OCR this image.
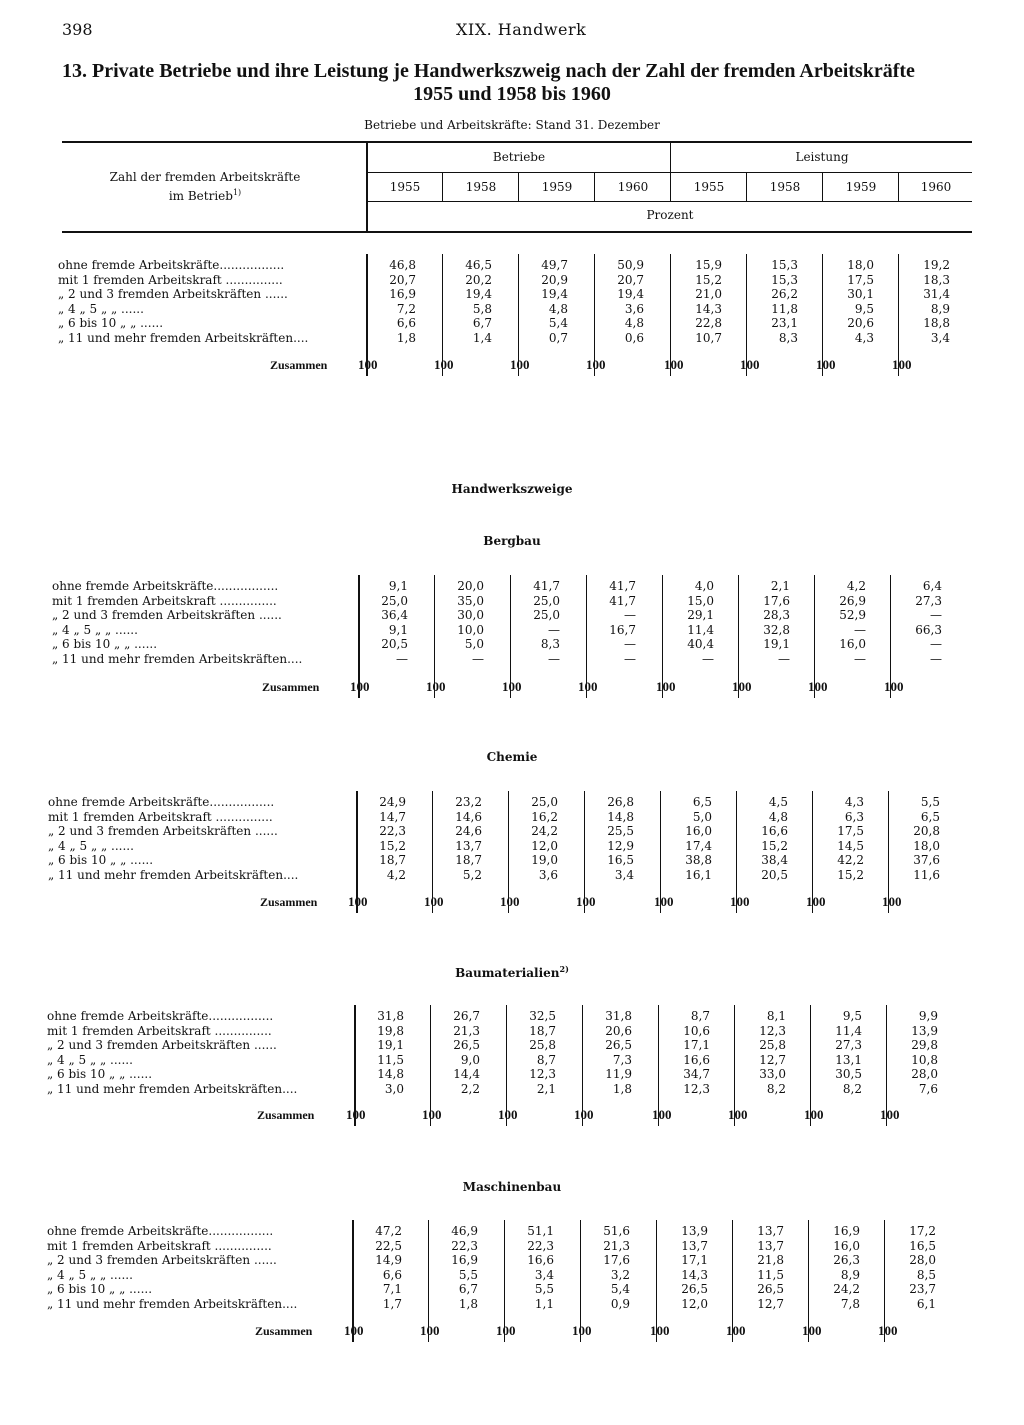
398	XIX. Handwerk
13. Private Betriebe und ihre Leistung je Handwerkszweig nach der Zahl der fremden Arbeitskräfte
1955 und 1958 bis 1960
Betriebe und Arbeitskräfte: Stand 31. Dezember
Zahl der fremden Arbeitskräfte
im Betrieb$^{1)}$
Betriebe	Leistung
1955	1958	1959	1960	1955	1958	1959	1960
Prozent
Handwerkszweige
ohne fremde Arbeitskräfte.................	46,8	46,5	49,7	50,9	15,9	15,3	18,0	19,2
mit 1 fremden Arbeitskraft ...............	20,7	20,2	20,9	20,7	15,2	15,3	17,5	18,3
„ 2 und 3 fremden Arbeitskräften ......	16,9	19,4	19,4	19,4	21,0	26,2	30,1	31,4
„ 4 „ 5 „ „ ......	7,2	5,8	4,8	3,6	14,3	11,8	9,5	8,9
„ 6 bis 10 „ „ ......	6,6	6,7	5,4	4,8	22,8	23,1	20,6	18,8
„ 11 und mehr fremden Arbeitskräften....	1,8	1,4	0,7	0,6	10,7	8,3	4,3	3,4
Zusammen 100	100	100	100	100	100	100	100
Bergbau
ohne fremde Arbeitskräfte.................	9,1	20,0	41,7	41,7	4,0	2,1	4,2	6,4
mit 1 fremden Arbeitskraft ...............	25,0	35,0	25,0	41,7	15,0	17,6	26,9	27,3
„ 2 und 3 fremden Arbeitskräften ......	36,4	30,0	25,0	—	29,1	28,3	52,9	—
„ 4 „ 5 „ „ ......	9,1	10,0	—	16,7	11,4	32,8	—	66,3
„ 6 bis 10 „ „ ......	20,5	5,0	8,3	—	40,4	19,1	16,0	—
„ 11 und mehr fremden Arbeitskräften....	—	—	—	—	—	—	—	—
Zusammen 100	100	100	100	100	100	100	100
Chemie
ohne fremde Arbeitskräfte.................	24,9	23,2	25,0	26,8	6,5	4,5	4,3	5,5
mit 1 fremden Arbeitskraft ...............	14,7	14,6	16,2	14,8	5,0	4,8	6,3	6,5
„ 2 und 3 fremden Arbeitskräften ......	22,3	24,6	24,2	25,5	16,0	16,6	17,5	20,8
„ 4 „ 5 „ „ ......	15,2	13,7	12,0	12,9	17,4	15,2	14,5	18,0
„ 6 bis 10 „ „ ......	18,7	18,7	19,0	16,5	38,8	38,4	42,2	37,6
„ 11 und mehr fremden Arbeitskräften....	4,2	5,2	3,6	3,4	16,1	20,5	15,2	11,6
Zusammen 100	100	100	100	100	100	100	100
Baumaterialien$^{2)}$
ohne fremde Arbeitskräfte.................	31,8	26,7	32,5	31,8	8,7	8,1	9,5	9,9
mit 1 fremden Arbeitskraft ...............	19,8	21,3	18,7	20,6	10,6	12,3	11,4	13,9
„ 2 und 3 fremden Arbeitskräften ......	19,1	26,5	25,8	26,5	17,1	25,8	27,3	29,8
„ 4 „ 5 „ „ ......	11,5	9,0	8,7	7,3	16,6	12,7	13,1	10,8
„ 6 bis 10 „ „ ......	14,8	14,4	12,3	11,9	34,7	33,0	30,5	28,0
„ 11 und mehr fremden Arbeitskräften....	3,0	2,2	2,1	1,8	12,3	8,2	8,2	7,6
Zusammen 100	100	100	100	100	100	100	100
Maschinenbau
ohne fremde Arbeitskräfte.................	47,2	46,9	51,1	51,6	13,9	13,7	16,9	17,2
mit 1 fremden Arbeitskraft ...............	22,5	22,3	22,3	21,3	13,7	13,7	16,0	16,5
„ 2 und 3 fremden Arbeitskräften ......	14,9	16,9	16,6	17,6	17,1	21,8	26,3	28,0
„ 4 „ 5 „ „ ......	6,6	5,5	3,4	3,2	14,3	11,5	8,9	8,5
„ 6 bis 10 „ „ ......	7,1	6,7	5,5	5,4	26,5	26,5	24,2	23,7
„ 11 und mehr fremden Arbeitskräften....	1,7	1,8	1,1	0,9	12,0	12,7	7,8	6,1
Zusammen 100	100	100	100	100	100	100	100
